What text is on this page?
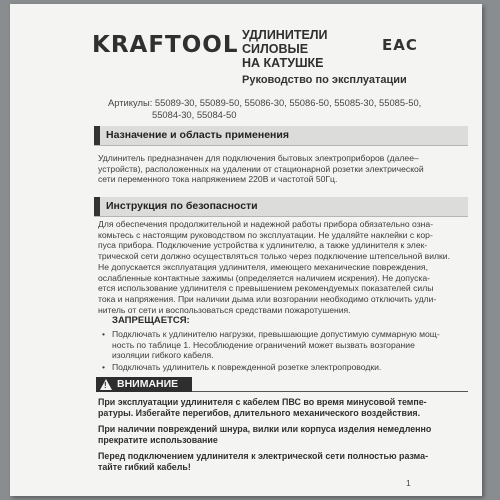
KRAFTOOL УДЛИНИТЕЛИ
СИЛОВЫЕ
НА КАТУШКЕ
EAC
Руководство по эксплуатации
Артикулы: 55089-30, 55089-50, 55086-30, 55086-50, 55085-30, 55085-50,
55084-30, 55084-50
Назначение и область применения
Удлинитель предназначен для подключения бытовых электроприборов (далее–
устройств), расположенных на удалении от стационарной розетки электрической
сети переменного тока напряжением 220В и частотой 50Гц.
Инструкция по безопасности
Для обеспечения продолжительной и надежной работы прибора обязательно озна-
комьтесь с настоящим руководством по эксплуатации. Не удаляйте наклейки с кор-
пуса прибора. Подключение устройства к удлинителю, а также удлинителя к элек-
трической сети должно осуществляться только через подключение штепсельной вилки.
Не допускается эксплуатация удлинителя, имеющего механические повреждения,
ослабленные контактные зажимы (определяется наличием искрения). Не допуска-
ется использование удлинителя с превышением рекомендуемых показателей силы
тока и напряжения. При наличии дыма или возгорании необходимо отключить удли-
нитель от сети и воспользоваться средствами пожаротушения.
ЗАПРЕЩАЕТСЯ:
• Подключать к удлинителю нагрузки, превышающие допустимую суммарную мощ-
ность по таблице 1. Несоблюдение ограничений может вызвать возгорание
изоляции гибкого кабеля.
• Подключать удлинитель к поврежденной розетке электропроводки.
! ВНИМАНИЕ
При эксплуатации удлинителя с кабелем ПВС во время минусовой темпе-
ратуры. Избегайте перегибов, длительного механического воздействия.
При наличии повреждений шнура, вилки или корпуса изделия немедленно
прекратите использование
Перед подключением удлинителя к электрической сети полностью разма-
тайте гибкий кабель!
1
